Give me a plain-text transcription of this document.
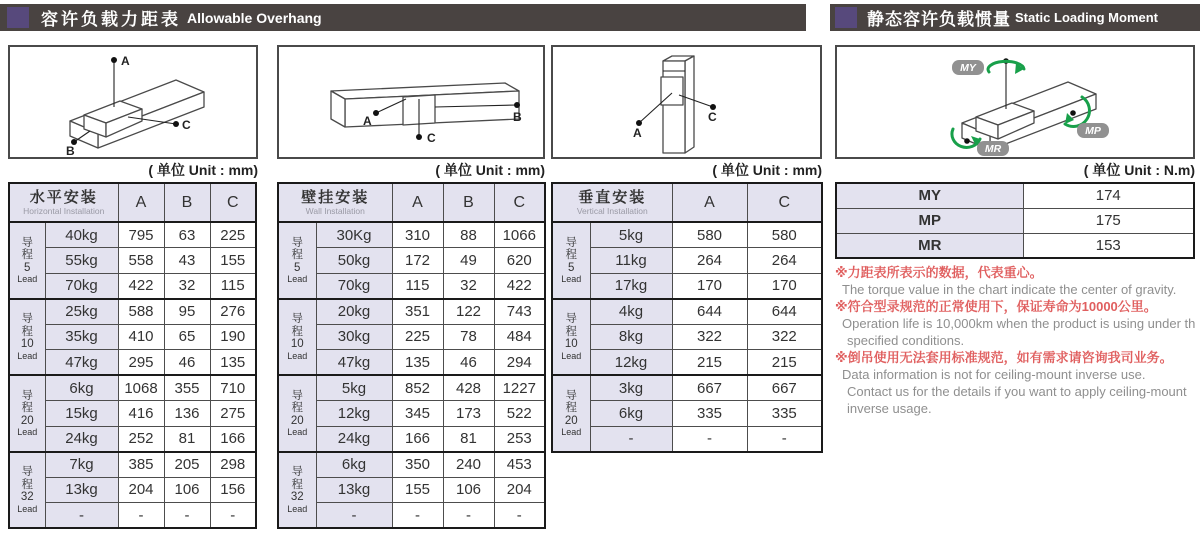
容许负载力距表 Allowable Overhang	静态容许负载惯量 Static Loading Moment
A
B
C	A
C
B
A
C
MY
MP
MR
( 单位 Unit : mm)	( 单位 Unit : mm)	( 单位 Unit : mm)	( 单位 Unit : N.m)
水平安装
Horizontal Installation		A	B	C

导
程
5
Lead	40kg	795	63	225
	55kg	558	43	155
	70kg	422	32	115

导
程
10
Lead	25kg	588	95	276
	35kg	410	65	190
	47kg	295	46	135

导
程
20
Lead	6kg	1068	355	710
	15kg	416	136	275
	24kg	252	81	166

导
程
32
Lead	7kg	385	205	298
	13kg	204	106	156
	-	-	-	-
壁挂安装
Wall Installation		A	B	C

导
程
5
Lead	30Kg	310	88	1066
	50kg	172	49	620
	70kg	115	32	422

导
程
10
Lead	20kg	351	122	743
	30kg	225	78	484
	47kg	135	46	294

导
程
20
Lead	5kg	852	428	1227
	12kg	345	173	522
	24kg	166	81	253

导
程
32
Lead	6kg	350	240	453
	13kg	155	106	204
	-	-	-	-
垂直安装
Vertical Installation		A	C

导
程
5
Lead	5kg	580	580
	11kg	264	264
	17kg	170	170

导
程
10
Lead	4kg	644	644
	8kg	322	322
	12kg	215	215

导
程
20
Lead	3kg	667	667
	6kg	335	335
	-	-	-
MY	174
MP	175
MR	153
※力距表所表示的数据，代表重心。
The torque value in the chart indicate the center of gravity.
※符合型录规范的正常使用下，保证寿命为10000公里。
Operation life is 10,000km when the product is using under th
specified conditions.
※倒吊使用无法套用标准规范，如有需求请咨询我司业务。
Data information is not for ceiling-mount inverse use.
Contact us for the details if you want to apply ceiling-mount
inverse usage.
